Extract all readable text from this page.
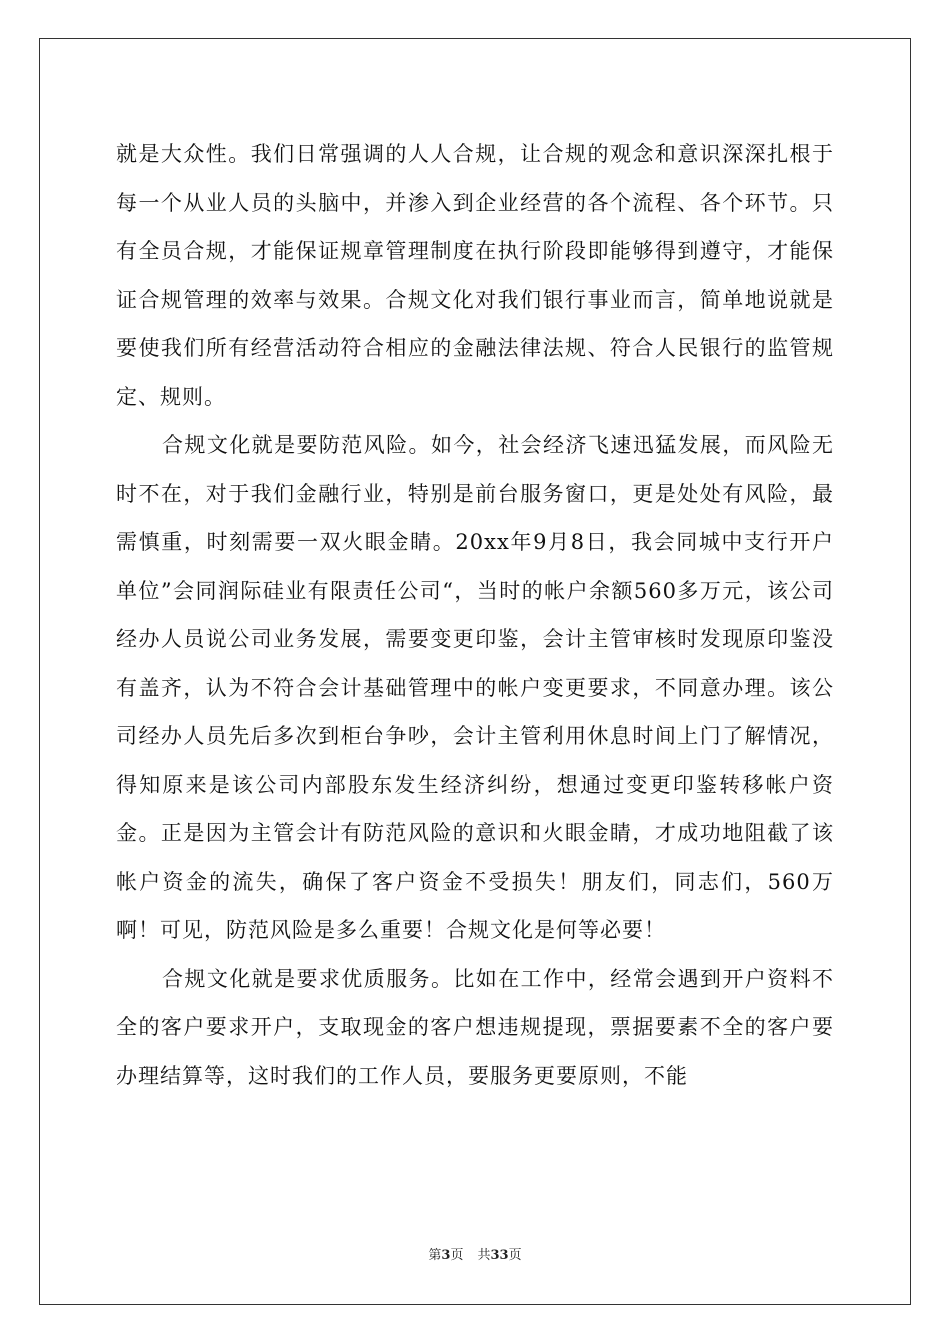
就是大众性。我们日常强调的人人合规，让合规的观念和意识深深扎根于每一个从业人员的头脑中，并渗入到企业经营的各个流程、各个环节。只有全员合规，才能保证规章管理制度在执行阶段即能够得到遵守，才能保证合规管理的效率与效果。合规文化对我们银行事业而言，简单地说就是要使我们所有经营活动符合相应的金融法律法规、符合人民银行的监管规定、规则。

合规文化就是要防范风险。如今，社会经济飞速迅猛发展，而风险无时不在，对于我们金融行业，特别是前台服务窗口，更是处处有风险，最需慎重，时刻需要一双火眼金睛。20xx年9月8日，我会同城中支行开户单位”会同润际硅业有限责任公司“，当时的帐户余额560多万元，该公司经办人员说公司业务发展，需要变更印鉴，会计主管审核时发现原印鉴没有盖齐，认为不符合会计基础管理中的帐户变更要求，不同意办理。该公司经办人员先后多次到柜台争吵，会计主管利用休息时间上门了解情况，得知原来是该公司内部股东发生经济纠纷，想通过变更印鉴转移帐户资金。正是因为主管会计有防范风险的意识和火眼金睛，才成功地阻截了该帐户资金的流失，确保了客户资金不受损失！朋友们，同志们，560万啊！可见，防范风险是多么重要！合规文化是何等必要！

合规文化就是要求优质服务。比如在工作中，经常会遇到开户资料不全的客户要求开户，支取现金的客户想违规提现，票据要素不全的客户要办理结算等，这时我们的工作人员，要服务更要原则，不能

第3页 共33页
